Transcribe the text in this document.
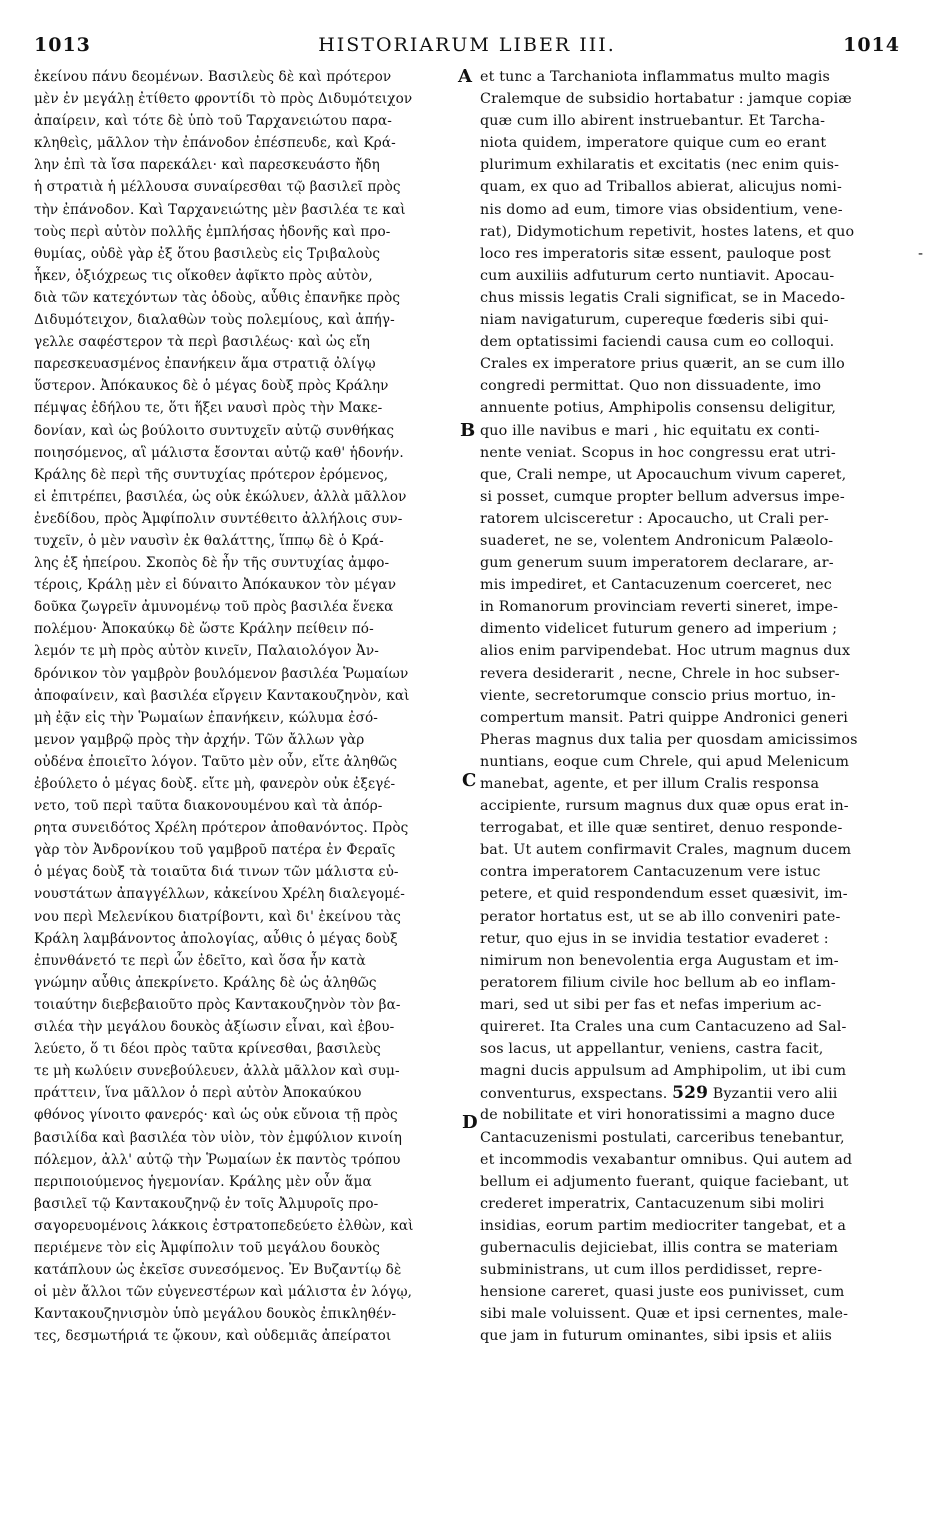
1013	HISTORIARUM LIBER III.	1014
ἐκείνου πάνυ δεομένων. Βασιλεὺς δὲ καὶ πρότερον
μὲν ἐν μεγάλῃ ἐτίθετο φροντίδι τὸ πρὸς Διδυμότειχον
ἀπαίρειν, καὶ τότε δὲ ὑπὸ τοῦ Ταρχανειώτου παρα-
κληθεὶς, μᾶλλον τὴν ἐπάνοδον ἐπέσπευδε, καὶ Κρά-
λην ἐπὶ τὰ ἴσα παρεκάλει· καὶ παρεσκευάστο ἤδη
ἡ στρατιὰ ἡ μέλλουσα συναίρεσθαι τῷ βασιλεῖ πρὸς
τὴν ἐπάνοδον. Καὶ Ταρχανειώτης μὲν βασιλέα τε καὶ
τοὺς περὶ αὐτὸν πολλῆς ἐμπλήσας ἡδονῆς καὶ προ-
θυμίας, οὐδὲ γὰρ ἐξ ὅτου βασιλεὺς εἰς Τριβαλοὺς
ἧκεν, ὁξιόχρεως τις οἴκοθεν ἀφῖκτο πρὸς αὐτὸν,
διὰ τῶν κατεχόντων τὰς ὁδοὺς, αὖθις ἐπανῆκε πρὸς
Διδυμότειχον, διαλαθὼν τοὺς πολεμίους, καὶ ἀπήγ-
γελλε σαφέστερον τὰ περὶ βασιλέως· καὶ ὡς εἴη
παρεσκευασμένος ἐπανήκειν ἅμα στρατιᾷ ὀλίγῳ
ὕστερον. Ἀπόκαυκος δὲ ὁ μέγας δοὺξ πρὸς Κράλην
πέμψας ἐδήλου τε, ὅτι ἥξει ναυσὶ πρὸς τὴν Μακε-
δονίαν, καὶ ὡς βούλοιτο συντυχεῖν αὐτῷ συνθήκας
ποιησόμενος, αἳ μάλιστα ἔσονται αὐτῷ καθ' ἡδονήν.
Κράλης δὲ περὶ τῆς συντυχίας πρότερον ἐρόμενος,
εἰ ἐπιτρέπει, βασιλέα, ὡς οὐκ ἐκώλυεν, ἀλλὰ μᾶλλον
ἐνεδίδου, πρὸς Ἀμφίπολιν συντέθειτο ἀλλήλοις συν-
τυχεῖν, ὁ μὲν ναυσὶν ἐκ θαλάττης, ἵππῳ δὲ ὁ Κρά-
λης ἐξ ἠπείρου. Σκοπὸς δὲ ἦν τῆς συντυχίας ἀμφο-
τέροις, Κράλῃ μὲν εἰ δύναιτο Ἀπόκαυκον τὸν μέγαν
δοῦκα ζωγρεῖν ἀμυνομένῳ τοῦ πρὸς βασιλέα ἕνεκα
πολέμου· Ἀποκαύκῳ δὲ ὥστε Κράλην πείθειν πό-
λεμόν τε μὴ πρὸς αὐτὸν κινεῖν, Παλαιολόγον Ἀν-
δρόνικον τὸν γαμβρὸν βουλόμενον βασιλέα Ῥωμαίων
ἀποφαίνειν, καὶ βασιλέα εἴργειν Καντακουζηνὸν, καὶ
μὴ ἐᾷν εἰς τὴν Ῥωμαίων ἐπανήκειν, κώλυμα ἐσό-
μενον γαμβρῷ πρὸς τὴν ἀρχήν. Τῶν ἄλλων γὰρ
οὐδένα ἐποιεῖτο λόγον. Ταῦτο μὲν οὖν, εἴτε ἀληθῶς
ἐβούλετο ὁ μέγας δοὺξ. εἴτε μὴ, φανερὸν οὐκ ἐξεγέ-
νετο, τοῦ περὶ ταῦτα διακονουμένου καὶ τὰ ἀπόρ-
ρητα συνειδότος Χρέλη πρότερον ἀποθανόντος. Πρὸς
γὰρ τὸν Ἀνδρονίκου τοῦ γαμβροῦ πατέρα ἐν Φεραῖς
ὁ μέγας δοὺξ τὰ τοιαῦτα διά τινων τῶν μάλιστα εὐ-
νουστάτων ἀπαγγέλλων, κἀκείνου Χρέλη διαλεγομέ-
νου περὶ Μελενίκου διατρίβοντι, καὶ δι' ἐκείνου τὰς
Κράλη λαμβάνοντος ἀπολογίας, αὖθις ὁ μέγας δοὺξ
ἐπυνθάνετό τε περὶ ὧν ἐδεῖτο, καὶ ὅσα ἦν κατὰ
γνώμην αὖθις ἀπεκρίνετο. Κράλης δὲ ὡς ἀληθῶς
τοιαύτην διεβεβαιοῦτο πρὸς Καντακουζηνὸν τὸν βα-
σιλέα τὴν μεγάλου δουκὸς ἀξίωσιν εἶναι, καὶ ἐβου-
λεύετο, ὅ τι δέοι πρὸς ταῦτα κρίνεσθαι, βασιλεὺς
τε μὴ κωλύειν συνεβούλευεν, ἀλλὰ μᾶλλον καὶ συμ-
πράττειν, ἵνα μᾶλλον ὁ περὶ αὐτὸν Ἀποκαύκου
φθόνος γίνοιτο φανερός· καὶ ὡς οὐκ εὔνοια τῇ πρὸς
βασιλίδα καὶ βασιλέα τὸν υἱὸν, τὸν ἐμφύλιον κινοίη
πόλεμον, ἀλλ' αὐτῷ τὴν Ῥωμαίων ἐκ παντὸς τρόπου
περιποιούμενος ἡγεμονίαν. Κράλης μὲν οὖν ἅμα
βασιλεῖ τῷ Καντακουζηνῷ ἐν τοῖς Ἀλμυροῖς προ-
σαγορευομένοις λάκκοις ἐστρατοπεδεύετο ἐλθὼν, καὶ
περιέμενε τὸν εἰς Ἀμφίπολιν τοῦ μεγάλου δουκὸς
κατάπλουν ὡς ἐκεῖσε συνεσόμενος. Ἐν Βυζαντίῳ δὲ
οἱ μὲν ἄλλοι τῶν εὐγενεστέρων καὶ μάλιστα ἐν λόγῳ,
Καντακουζηνισμὸν ὑπὸ μεγάλου δουκὸς ἐπικληθέν-
τες, δεσμωτήριά τε ᾤκουν, καὶ οὐδεμιᾶς ἀπείρατοι
et tunc a Tarchaniota inflammatus multo magis
Cralemque de subsidio hortabatur : jamque copiæ
quæ cum illo abirent instruebantur. Et Tarcha-
niota quidem, imperatore quique cum eo erant
plurimum exhilaratis et excitatis (nec enim quis-
quam, ex quo ad Triballos abierat, alicujus nomi-
nis domo ad eum, timore vias obsidentium, vene-
rat), Didymotichum repetivit, hostes latens, et quo
loco res imperatoris sitæ essent, pauloque post
cum auxiliis adfuturum certo nuntiavit. Apocau-
chus missis legatis Crali significat, se in Macedo-
niam navigaturum, cupereque fœderis sibi qui-
dem optatissimi faciendi causa cum eo colloqui.
Crales ex imperatore prius quærit, an se cum illo
congredi permittat. Quo non dissuadente, imo
annuente potius, Amphipolis consensu deligitur,
quo ille navibus e mari , hic equitatu ex conti-
nente veniat. Scopus in hoc congressu erat utri-
que, Crali nempe, ut Apocauchum vivum caperet,
si posset, cumque propter bellum adversus impe-
ratorem ulcisceretur : Apocaucho, ut Crali per-
suaderet, ne se, volentem Andronicum Palæolo-
gum generum suum imperatorem declarare, ar-
mis impediret, et Cantacuzenum coerceret, nec
in Romanorum provinciam reverti sineret, impe-
dimento videlicet futurum genero ad imperium ;
alios enim parvipendebat. Hoc utrum magnus dux
revera desiderarit , necne, Chrele in hoc subser-
viente, secretorumque conscio prius mortuo, in-
compertum mansit. Patri quippe Andronici generi
Pheras magnus dux talia per quosdam amicissimos
nuntians, eoque cum Chrele, qui apud Melenicum
manebat, agente, et per illum Cralis responsa
accipiente, rursum magnus dux quæ opus erat in-
terrogabat, et ille quæ sentiret, denuo responde-
bat. Ut autem confirmavit Crales, magnum ducem
contra imperatorem Cantacuzenum vere istuc
petere, et quid respondendum esset quæsivit, im-
perator hortatus est, ut se ab illo conveniri pate-
retur, quo ejus in se invidia testatior evaderet :
nimirum non benevolentia erga Augustam et im-
peratorem filium civile hoc bellum ab eo inflam-
mari, sed ut sibi per fas et nefas imperium ac-
quireret. Ita Crales una cum Cantacuzeno ad Sal-
sos lacus, ut appellantur, veniens, castra facit,
magni ducis appulsum ad Amphipolim, ut ibi cum
conventurus, exspectans. 529 Byzantii vero alii
de nobilitate et viri honoratissimi a magno duce
Cantacuzenismi postulati, carceribus tenebantur,
et incommodis vexabantur omnibus. Qui autem ad
bellum ei adjumento fuerant, quique faciebant, ut
crederet imperatrix, Cantacuzenum sibi moliri
insidias, eorum partim mediocriter tangebat, et a
gubernaculis dejiciebat, illis contra se materiam
subministrans, ut cum illos perdidisset, repre-
hensione careret, quasi juste eos punivisset, cum
sibi male voluissent. Quæ et ipsi cernentes, male-
que jam in futurum ominantes, sibi ipsis et aliis
A
B
C
D
-
